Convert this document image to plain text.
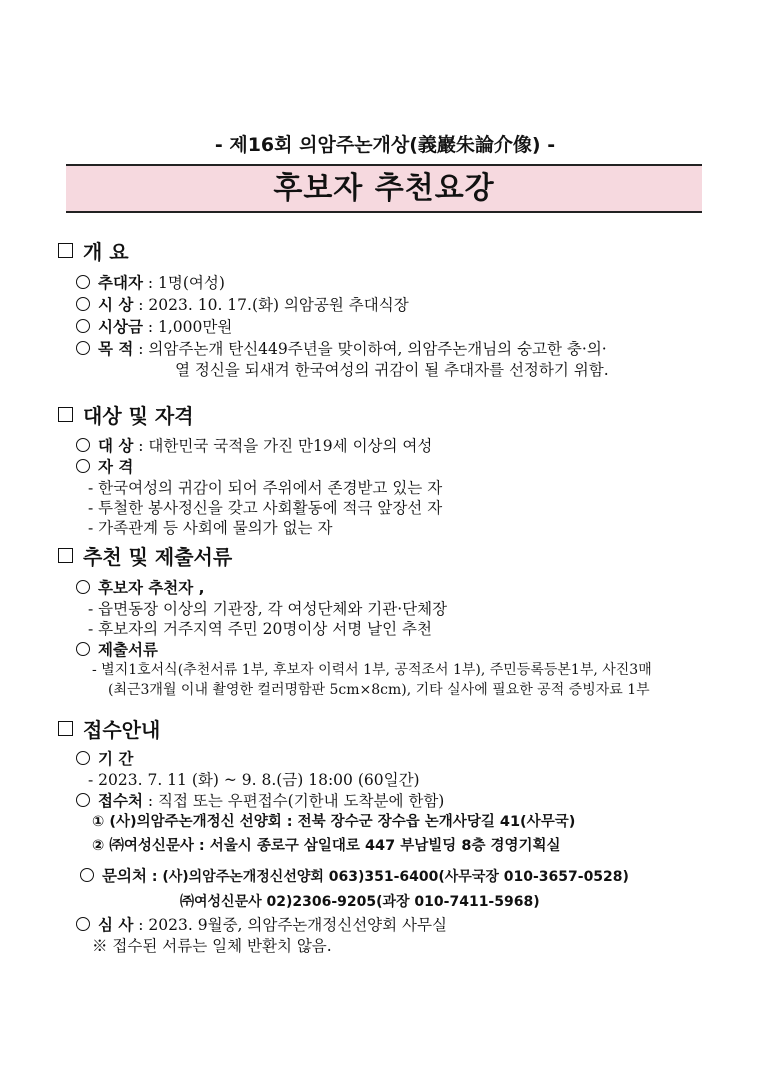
- 제16회 의암주논개상(義巖朱論介像) -
후보자 추천요강
개 요
추대자 : 1명(여성)
시 상 : 2023. 10. 17.(화) 의암공원 추대식장
시상금 : 1,000만원
목 적 : 의암주논개 탄신449주년을 맞이하여, 의암주논개님의 숭고한 충·의·
열 정신을 되새겨 한국여성의 귀감이 될 추대자를 선정하기 위함.
대상 및 자격
대 상 : 대한민국 국적을 가진 만19세 이상의 여성
자 격
- 한국여성의 귀감이 되어 주위에서 존경받고 있는 자
- 투철한 봉사정신을 갖고 사회활동에 적극 앞장선 자
- 가족관계 등 사회에 물의가 없는 자
추천 및 제출서류
후보자 추천자 ,
- 읍면동장 이상의 기관장, 각 여성단체와 기관·단체장
- 후보자의 거주지역 주민 20명이상 서명 날인 추천
제출서류
- 별지1호서식(추천서류 1부, 후보자 이력서 1부, 공적조서 1부), 주민등록등본1부, 사진3매
(최근3개월 이내 촬영한 컬러명함판 5cm×8cm), 기타 실사에 필요한 공적 증빙자료 1부
접수안내
기 간
- 2023. 7. 11 (화) ~ 9. 8.(금) 18:00 (60일간)
접수처 : 직접 또는 우편접수(기한내 도착분에 한함)
① (사)의암주논개정신 선양회 : 전북 장수군 장수읍 논개사당길 41(사무국)
② ㈜여성신문사 : 서울시 종로구 삼일대로 447 부남빌딩 8층 경영기획실
문의처 : (사)의암주논개정신선양회 063)351-6400(사무국장 010-3657-0528)
㈜여성신문사 02)2306-9205(과장 010-7411-5968)
심 사 : 2023. 9월중, 의암주논개정신선양회 사무실
※ 접수된 서류는 일체 반환치 않음.
